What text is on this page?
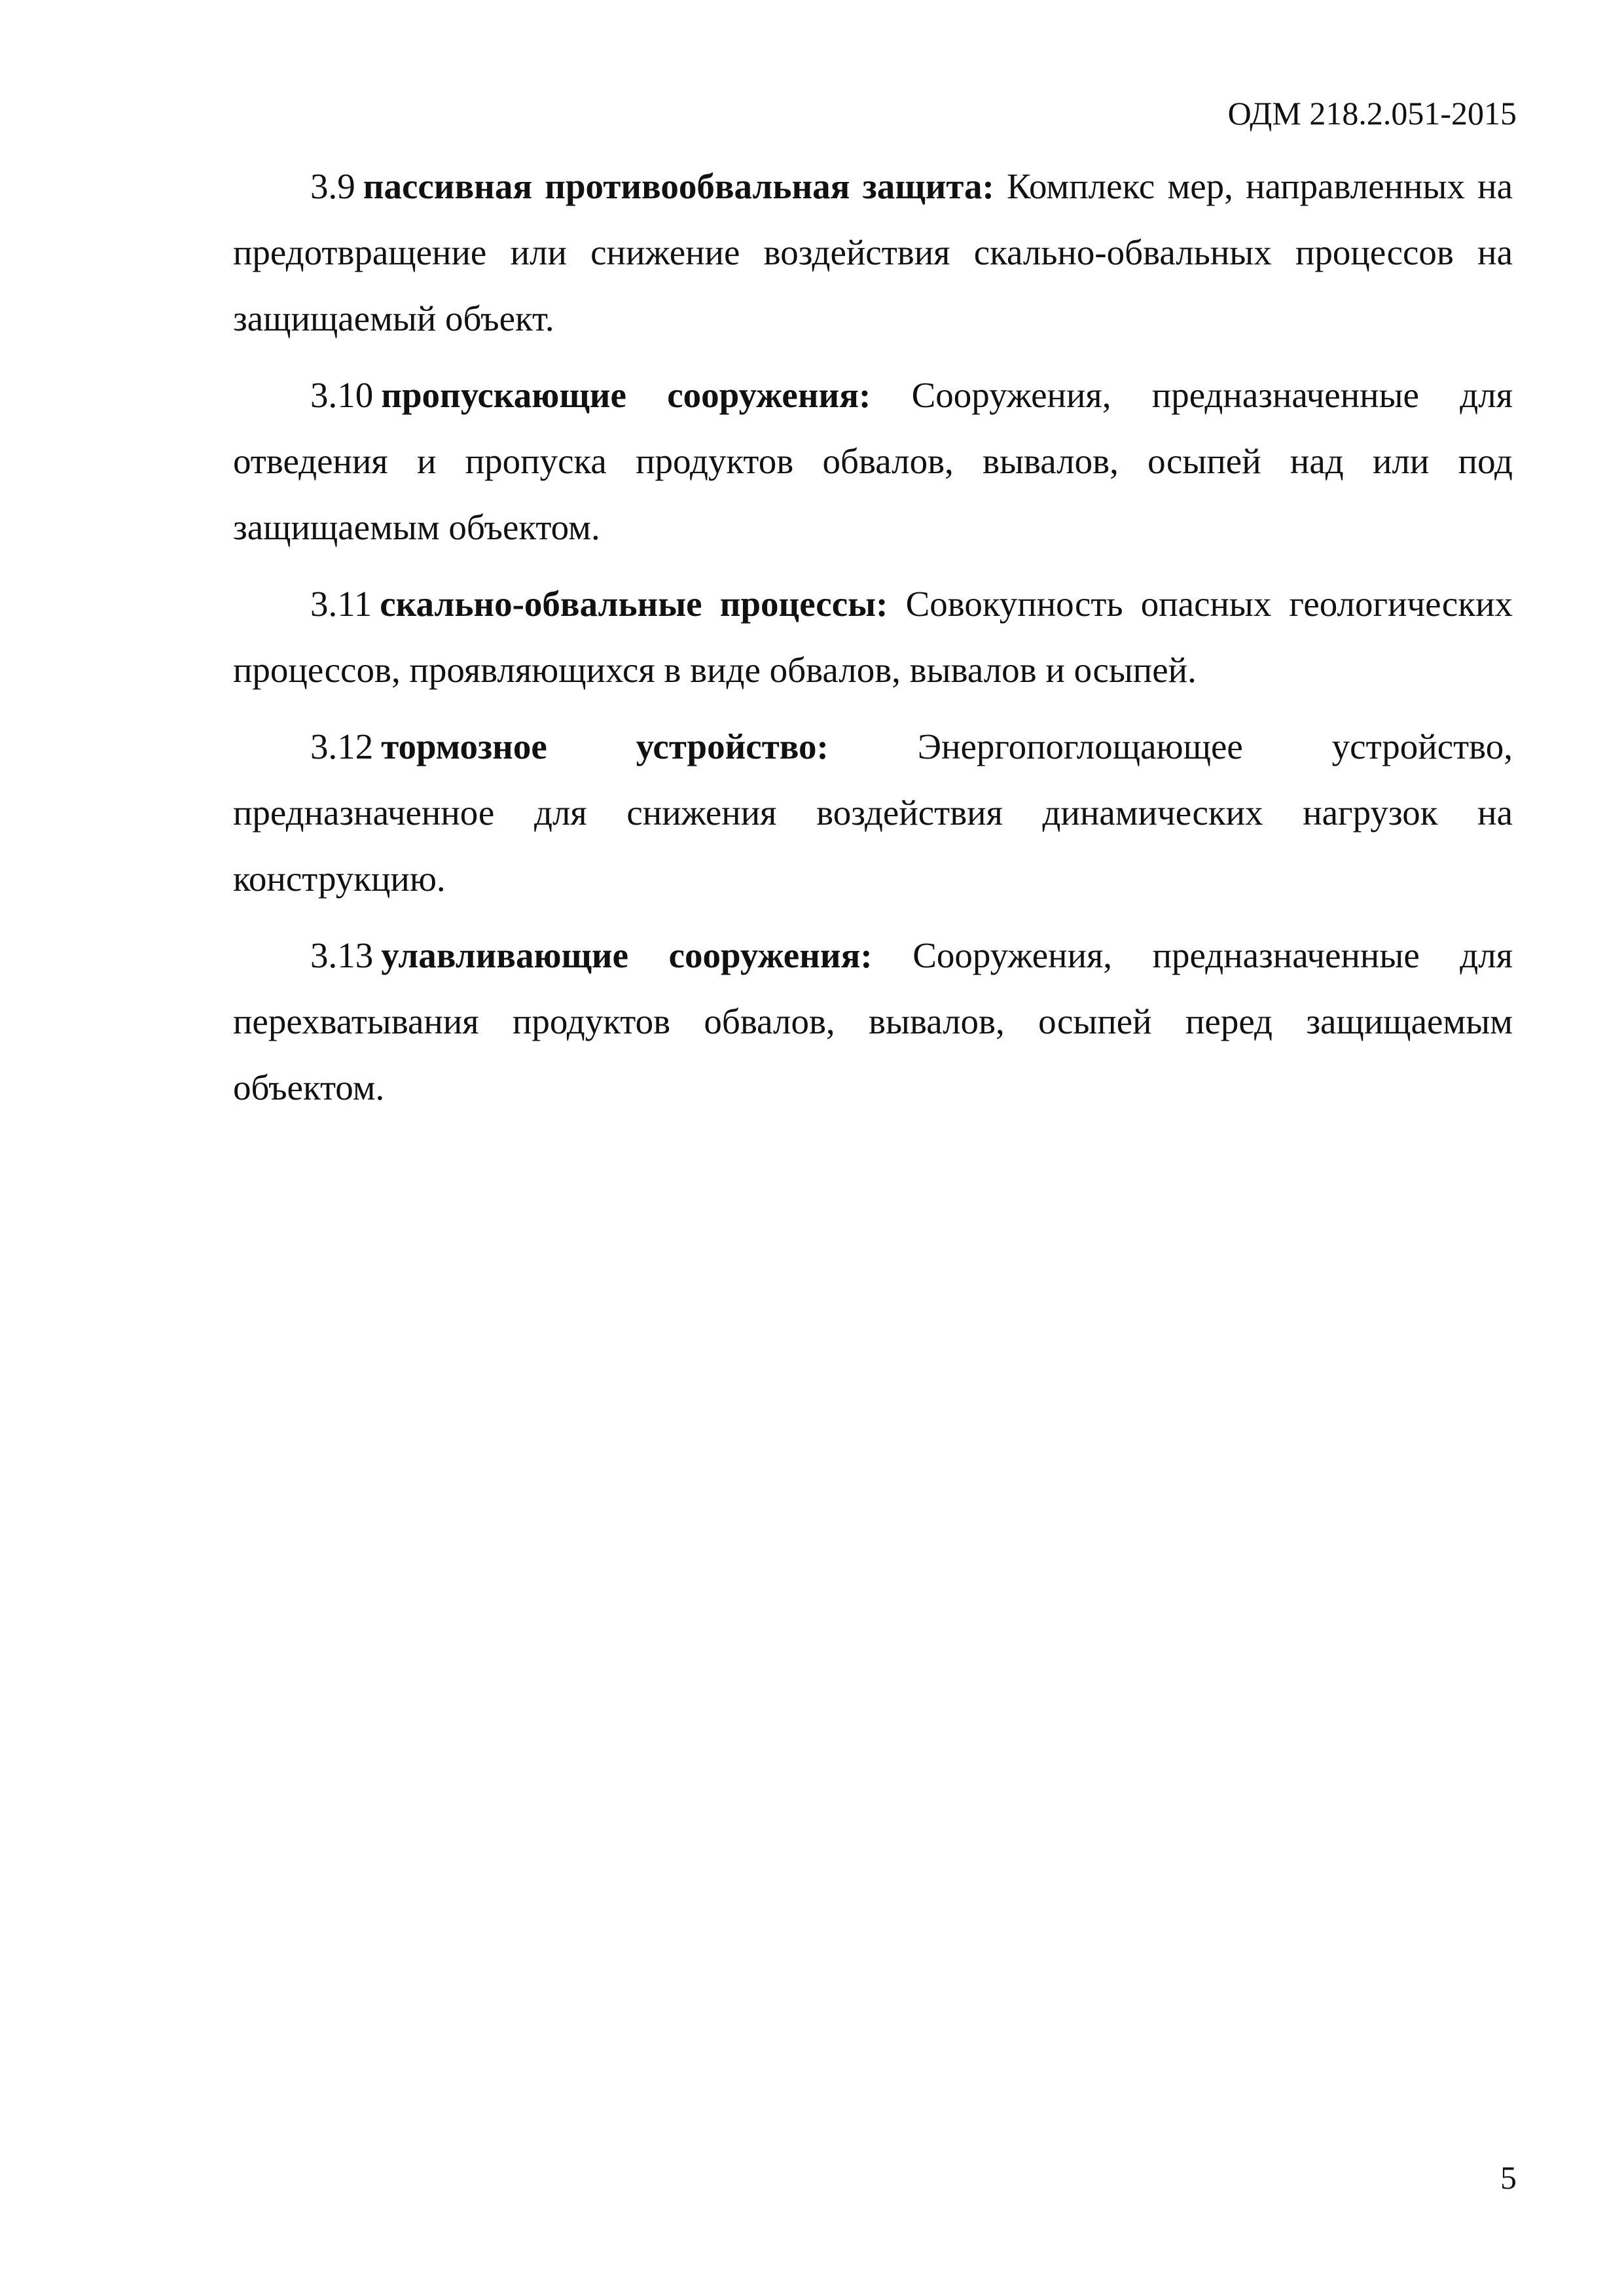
ОДМ 218.2.051-2015

3.9 пассивная противообвальная защита: Комплекс мер, направленных на предотвращение или снижение воздействия скально-обвальных процессов на защищаемый объект.

3.10 пропускающие сооружения: Сооружения, предназначенные для отведения и пропуска продуктов обвалов, вывалов, осыпей над или под защищаемым объектом.

3.11 скально-обвальные процессы: Совокупность опасных геологических процессов, проявляющихся в виде обвалов, вывалов и осыпей.

3.12 тормозное устройство: Энергопоглощающее устройство, предназначенное для снижения воздействия динамических нагрузок на конструкцию.

3.13 улавливающие сооружения: Сооружения, предназначенные для перехватывания продуктов обвалов, вывалов, осыпей перед защищаемым объектом.

5
